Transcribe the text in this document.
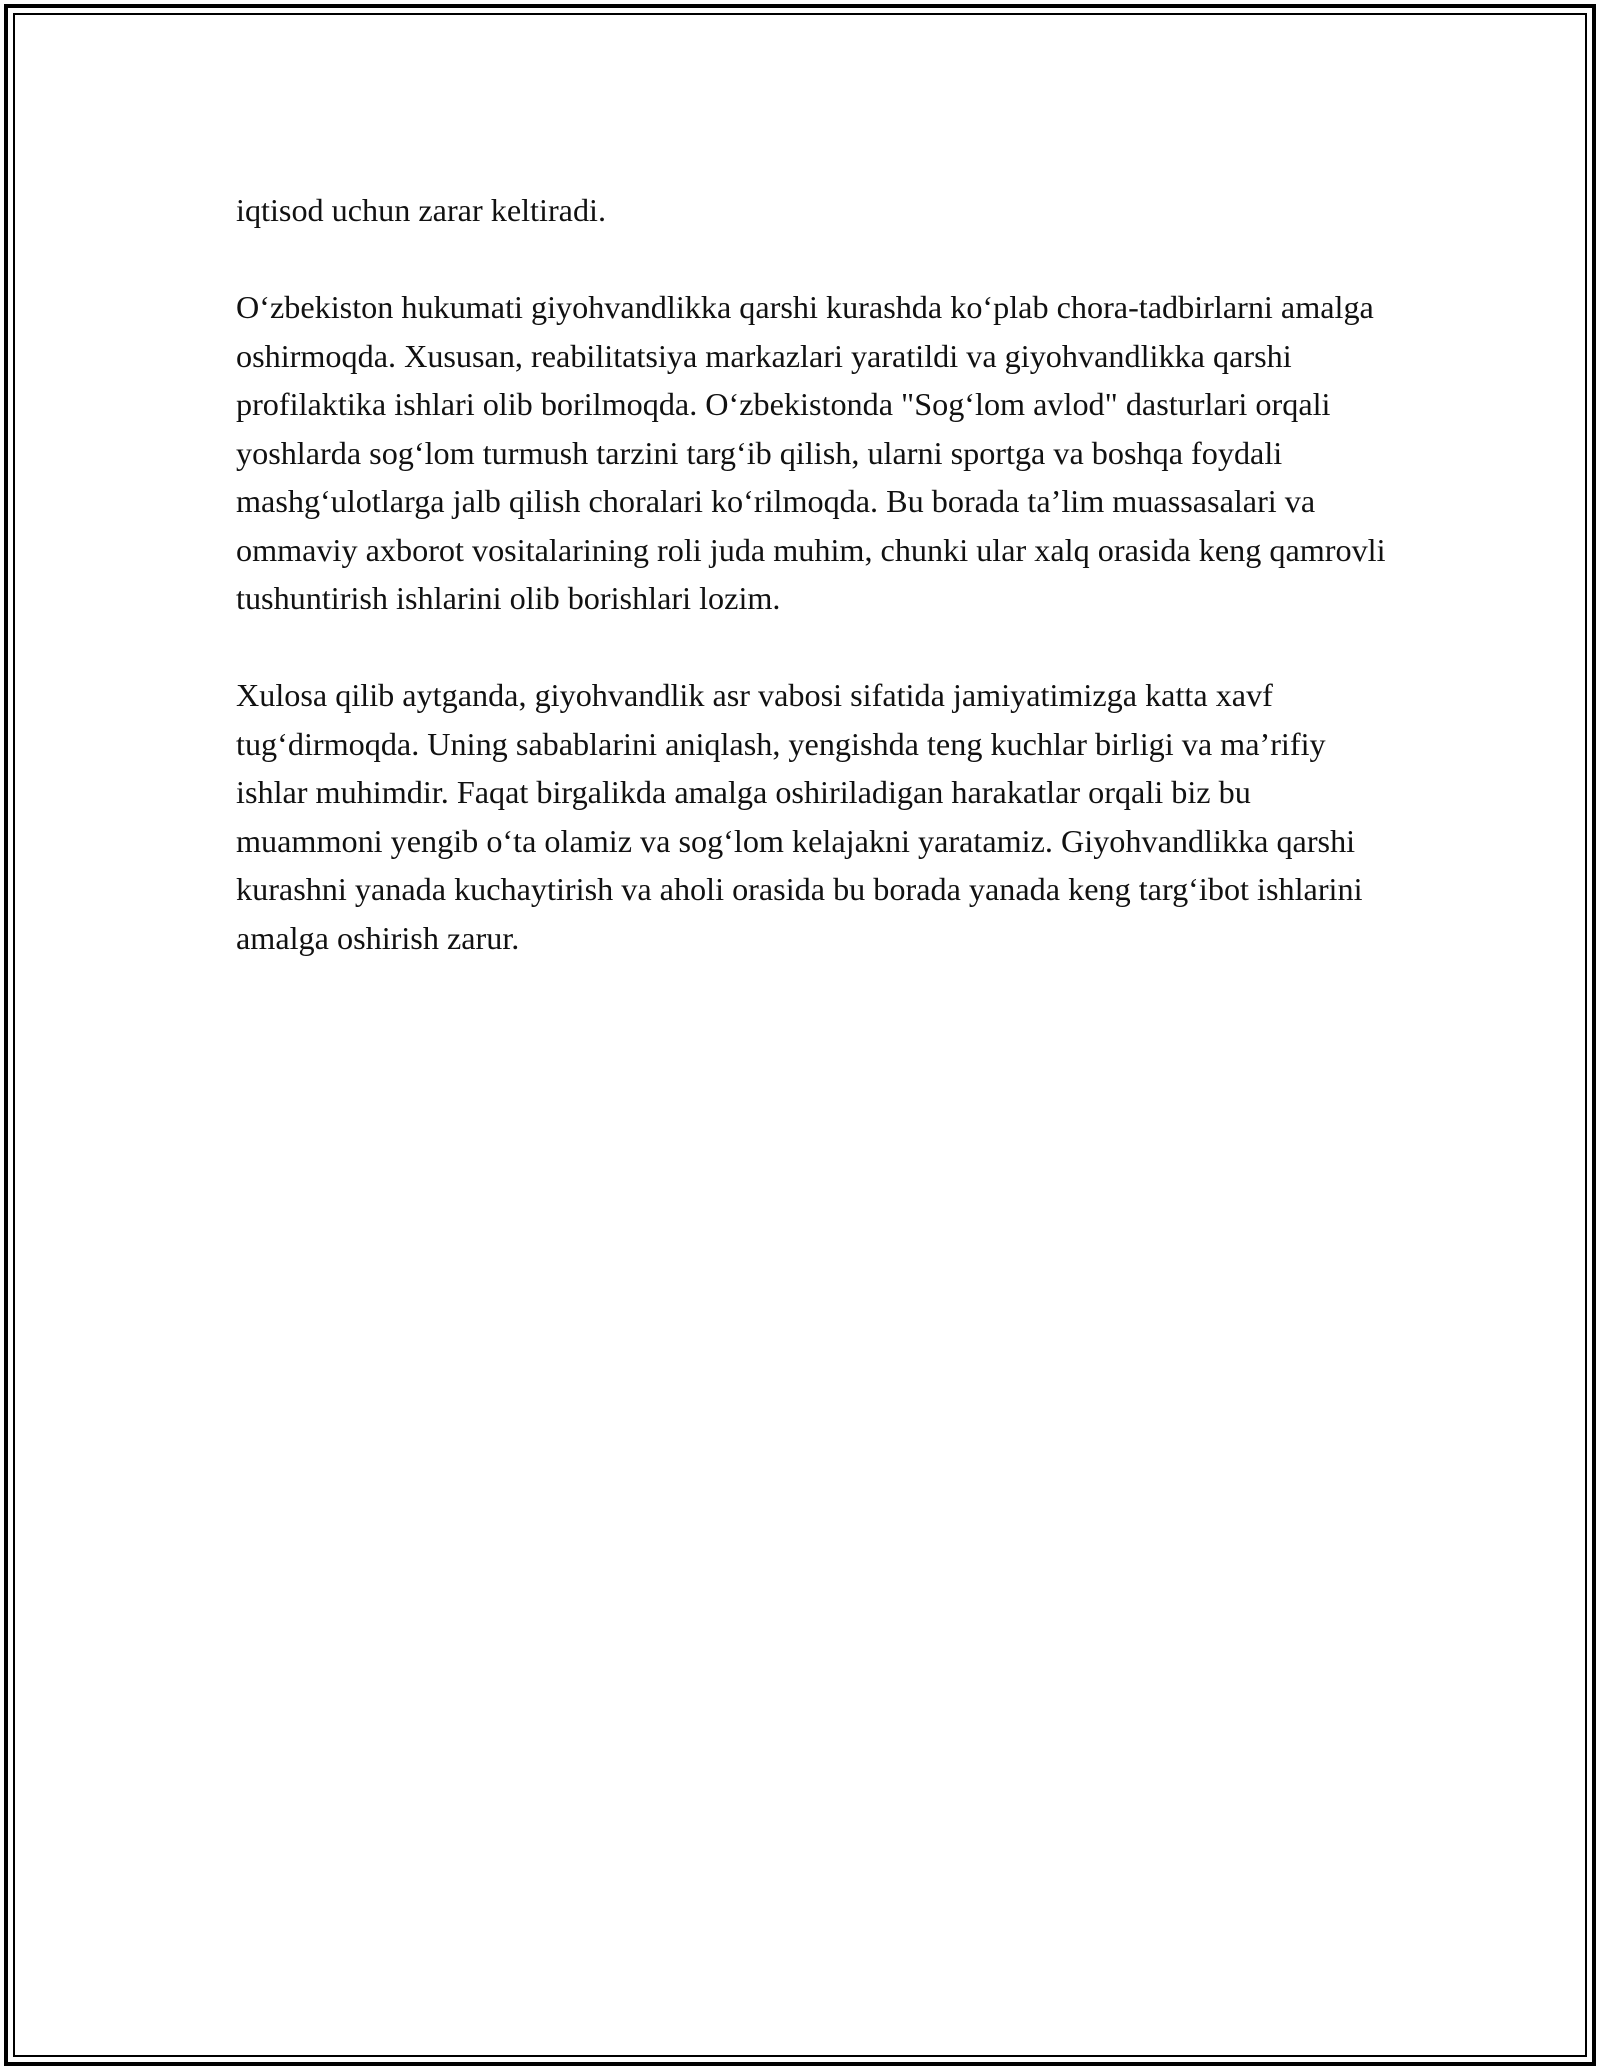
iqtisod uchun zarar keltiradi.

O‘zbekiston hukumati giyohvandlikka qarshi kurashda ko‘plab chora-tadbirlarni amalga oshirmoqda. Xususan, reabilitatsiya markazlari yaratildi va giyohvandlikka qarshi profilaktika ishlari olib borilmoqda. O‘zbekistonda "Sog‘lom avlod" dasturlari orqali yoshlarda sog‘lom turmush tarzini targ‘ib qilish, ularni sportga va boshqa foydali mashg‘ulotlarga jalb qilish choralari ko‘rilmoqda. Bu borada ta’lim muassasalari va ommaviy axborot vositalarining roli juda muhim, chunki ular xalq orasida keng qamrovli tushuntirish ishlarini olib borishlari lozim.

Xulosa qilib aytganda, giyohvandlik asr vabosi sifatida jamiyatimizga katta xavf tug‘dirmoqda. Uning sabablarini aniqlash, yengishda teng kuchlar birligi va ma’rifiy ishlar muhimdir. Faqat birgalikda amalga oshiriladigan harakatlar orqali biz bu muammoni yengib o‘ta olamiz va sog‘lom kelajakni yaratamiz. Giyohvandlikka qarshi kurashni yanada kuchaytirish va aholi orasida bu borada yanada keng targ‘ibot ishlarini amalga oshirish zarur.
